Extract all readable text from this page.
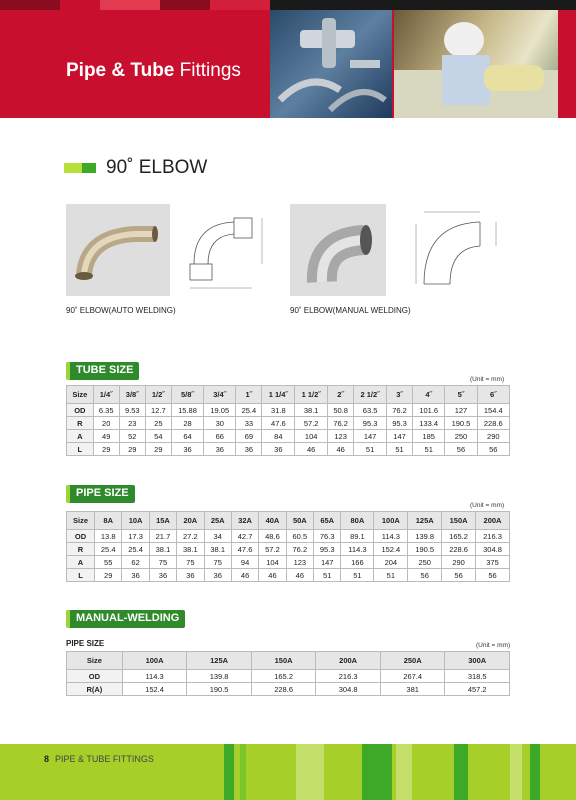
Pipe & Tube Fittings
90˚ ELBOW
90˚ ELBOW(AUTO WELDING)	90˚ ELBOW(MANUAL WELDING)
TUBE SIZE
(Unit = mm)
Size	1/4˝	3/8˝	1/2˝	5/8˝	3/4˝	1˝	1 1/4˝	1 1/2˝	2˝	2 1/2˝	3˝	4˝	5˝	6˝
OD	6.35	9.53	12.7	15.88	19.05	25.4	31.8	38.1	50.8	63.5	76.2	101.6	127	154.4
R	20	23	25	28	30	33	47.6	57.2	76.2	95.3	95.3	133.4	190.5	228.6
A	49	52	54	64	66	69	84	104	123	147	147	185	250	290
L	29	29	29	36	36	36	36	46	46	51	51	51	56	56
PIPE SIZE
(Unit = mm)
Size	8A	10A	15A	20A	25A	32A	40A	50A	65A	80A	100A	125A	150A	200A
OD	13.8	17.3	21.7	27.2	34	42.7	48.6	60.5	76.3	89.1	114.3	139.8	165.2	216.3
R	25.4	25.4	38.1	38.1	38.1	47.6	57.2	76.2	95.3	114.3	152.4	190.5	228.6	304.8
A	55	62	75	75	75	94	104	123	147	166	204	250	290	375
L	29	36	36	36	36	46	46	46	51	51	51	56	56	56
MANUAL-WELDING
PIPE SIZE	(Unit = mm)
Size	100A	125A	150A	200A	250A	300A
OD	114.3	139.8	165.2	216.3	267.4	318.5
R(A)	152.4	190.5	228.6	304.8	381	457.2
8 PIPE & TUBE FITTINGS
